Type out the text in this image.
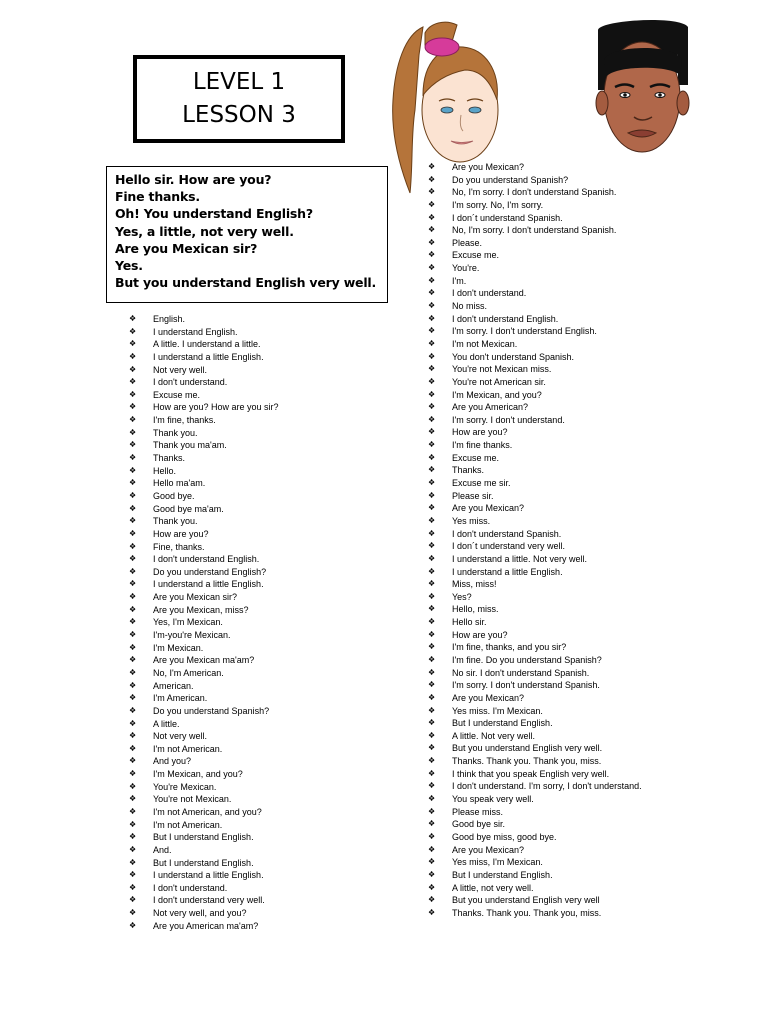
LEVEL 1
LESSON 3
Hello sir. How are you?
Fine thanks.
Oh! You understand English?
Yes, a little, not very well.
Are you Mexican sir?
Yes.
But you understand English very well.
❖ English.
❖ I understand English.
❖ A little. I understand a little.
❖ I understand a little English.
❖ Not very well.
❖ I don't understand.
❖ Excuse me.
❖ How are you? How are you sir?
❖ I'm fine, thanks.
❖ Thank you.
❖ Thank you ma'am.
❖ Thanks.
❖ Hello.
❖ Hello ma'am.
❖ Good bye.
❖ Good bye ma'am.
❖ Thank you.
❖ How are you?
❖ Fine, thanks.
❖ I don't understand English.
❖ Do you understand English?
❖ I understand a little English.
❖ Are you Mexican sir?
❖ Are you Mexican, miss?
❖ Yes, I'm Mexican.
❖ I'm-you're Mexican.
❖ I'm Mexican.
❖ Are you Mexican ma'am?
❖ No, I'm American.
❖ American.
❖ I'm American.
❖ Do you understand Spanish?
❖ A little.
❖ Not very well.
❖ I'm not American.
❖ And you?
❖ I'm Mexican, and you?
❖ You're Mexican.
❖ You're not Mexican.
❖ I'm not American, and you?
❖ I'm not American.
❖ But I understand English.
❖ And.
❖ But I understand English.
❖ I understand a little English.
❖ I don't understand.
❖ I don't understand very well.
❖ Not very well, and you?
❖ Are you American ma'am?
❖ Are you Mexican?
❖ Do you understand Spanish?
❖ No, I'm sorry. I don't understand Spanish.
❖ I'm sorry. No, I'm sorry.
❖ I don´t understand Spanish.
❖ No, I'm sorry. I don't understand Spanish.
❖ Please.
❖ Excuse me.
❖ You're.
❖ I'm.
❖ I don't understand.
❖ No miss.
❖ I don't understand English.
❖ I'm sorry. I don't understand English.
❖ I'm not Mexican.
❖ You don't understand Spanish.
❖ You're not Mexican miss.
❖ You're not American sir.
❖ I'm Mexican, and you?
❖ Are you American?
❖ I'm sorry. I don't understand.
❖ How are you?
❖ I'm fine thanks.
❖ Excuse me.
❖ Thanks.
❖ Excuse me sir.
❖ Please sir.
❖ Are you Mexican?
❖ Yes miss.
❖ I don't understand Spanish.
❖ I don´t understand very well.
❖ I understand a little. Not very well.
❖ I understand a little English.
❖ Miss, miss!
❖ Yes?
❖ Hello, miss.
❖ Hello sir.
❖ How are you?
❖ I'm fine, thanks, and you sir?
❖ I'm fine. Do you understand Spanish?
❖ No sir. I don't understand Spanish.
❖ I'm sorry. I don't understand Spanish.
❖ Are you Mexican?
❖ Yes miss. I'm Mexican.
❖ But I understand English.
❖ A little. Not very well.
❖ But you understand English very well.
❖ Thanks. Thank you. Thank you, miss.
❖ I think that you speak English very well.
❖ I don't understand. I'm sorry, I don't understand.
❖ You speak very well.
❖ Please miss.
❖ Good bye sir.
❖ Good bye miss, good bye.
❖ Are you Mexican?
❖ Yes miss, I'm Mexican.
❖ But I understand English.
❖ A little, not very well.
❖ But you understand English very well
❖ Thanks. Thank you. Thank you, miss.
